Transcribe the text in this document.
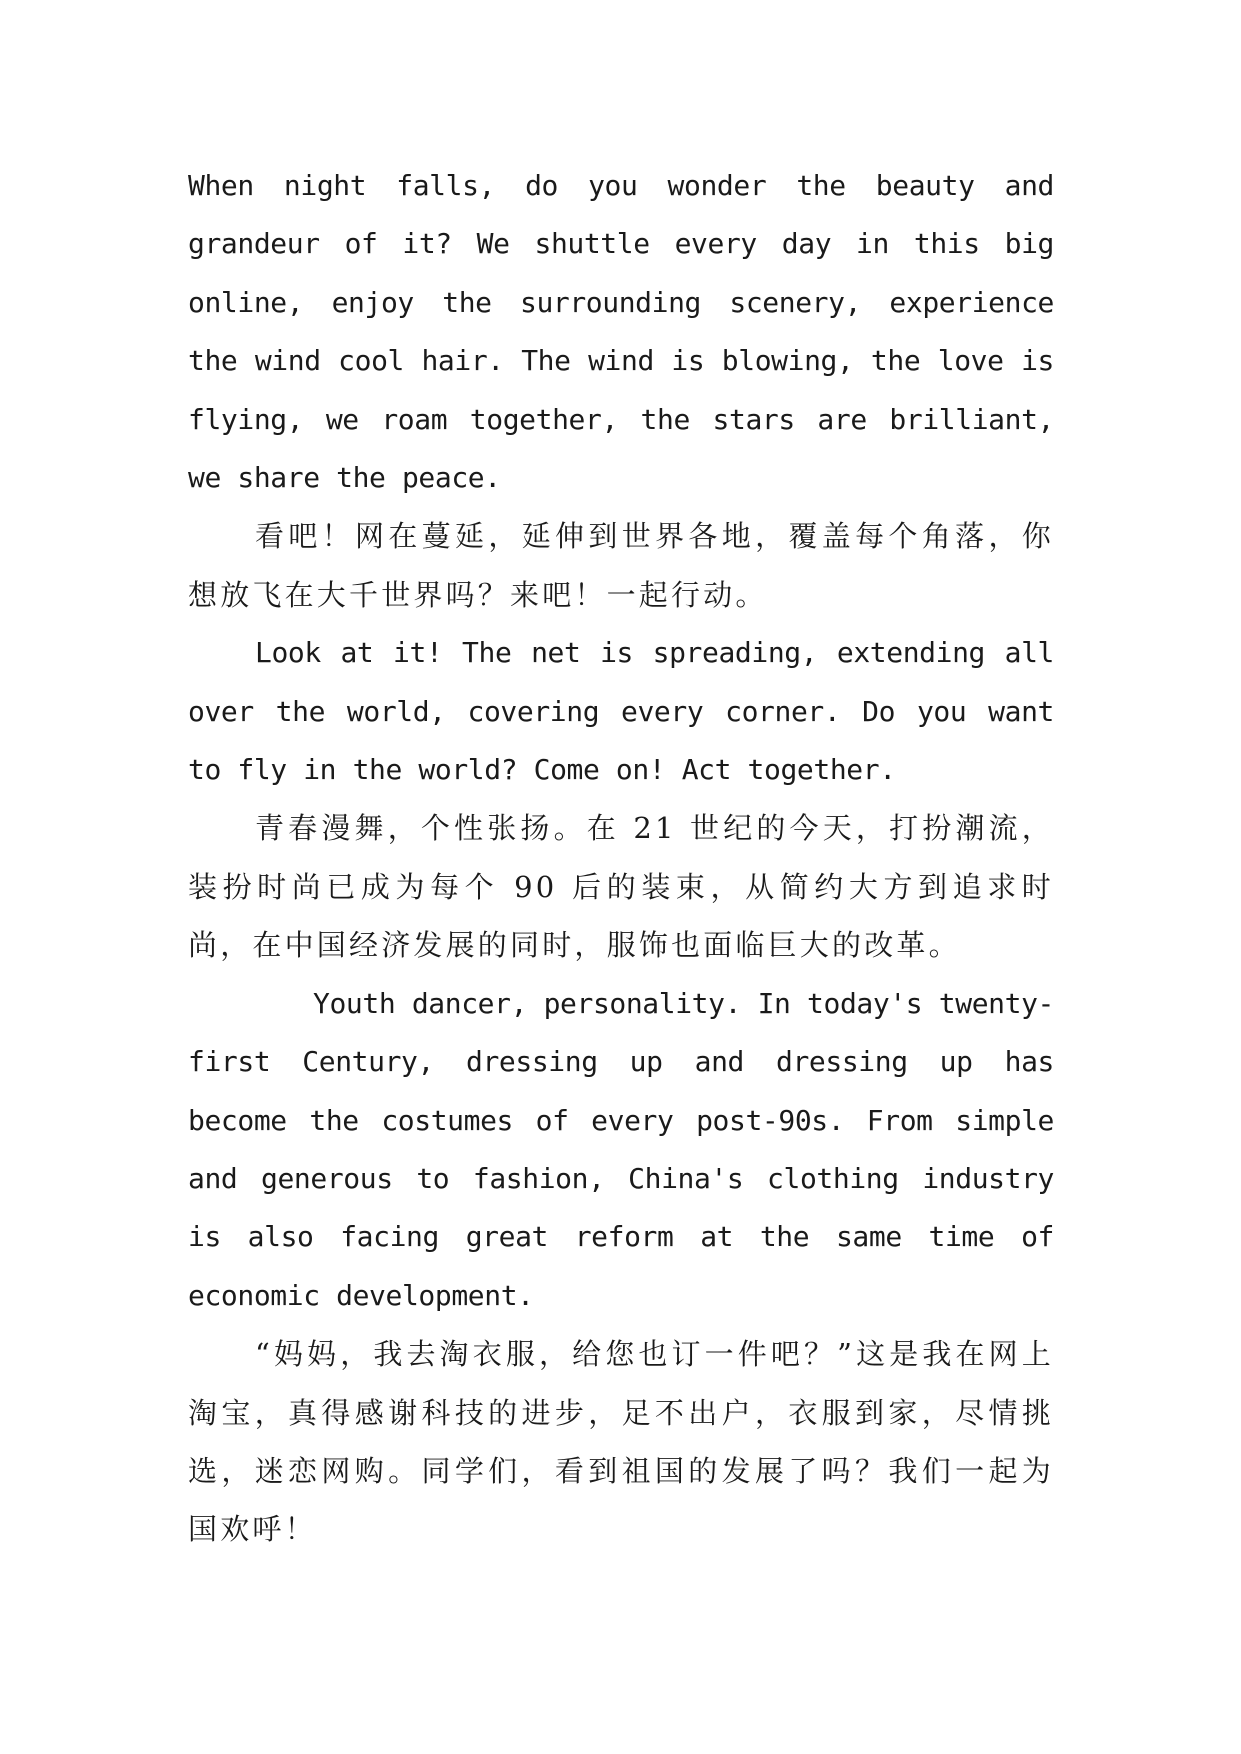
When night falls, do you wonder the beauty and grandeur of it? We shuttle every day in this big online, enjoy the surrounding scenery, experience the wind cool hair. The wind is blowing, the love is flying, we roam together, the stars are brilliant, we share the peace.

看吧！网在蔓延，延伸到世界各地，覆盖每个角落，你想放飞在大千世界吗？来吧！一起行动。

Look at it! The net is spreading, extending all over the world, covering every corner. Do you want to fly in the world? Come on! Act together.

青春漫舞，个性张扬。在 21 世纪的今天，打扮潮流，装扮时尚已成为每个 90 后的装束，从简约大方到追求时尚，在中国经济发展的同时，服饰也面临巨大的改革。

Youth dancer, personality. In today's twenty-first Century, dressing up and dressing up has become the costumes of every post-90s. From simple and generous to fashion, China's clothing industry is also facing great reform at the same time of economic development.

“妈妈，我去淘衣服，给您也订一件吧？”这是我在网上淘宝，真得感谢科技的进步，足不出户，衣服到家，尽情挑选，迷恋网购。同学们，看到祖国的发展了吗？我们一起为国欢呼！
